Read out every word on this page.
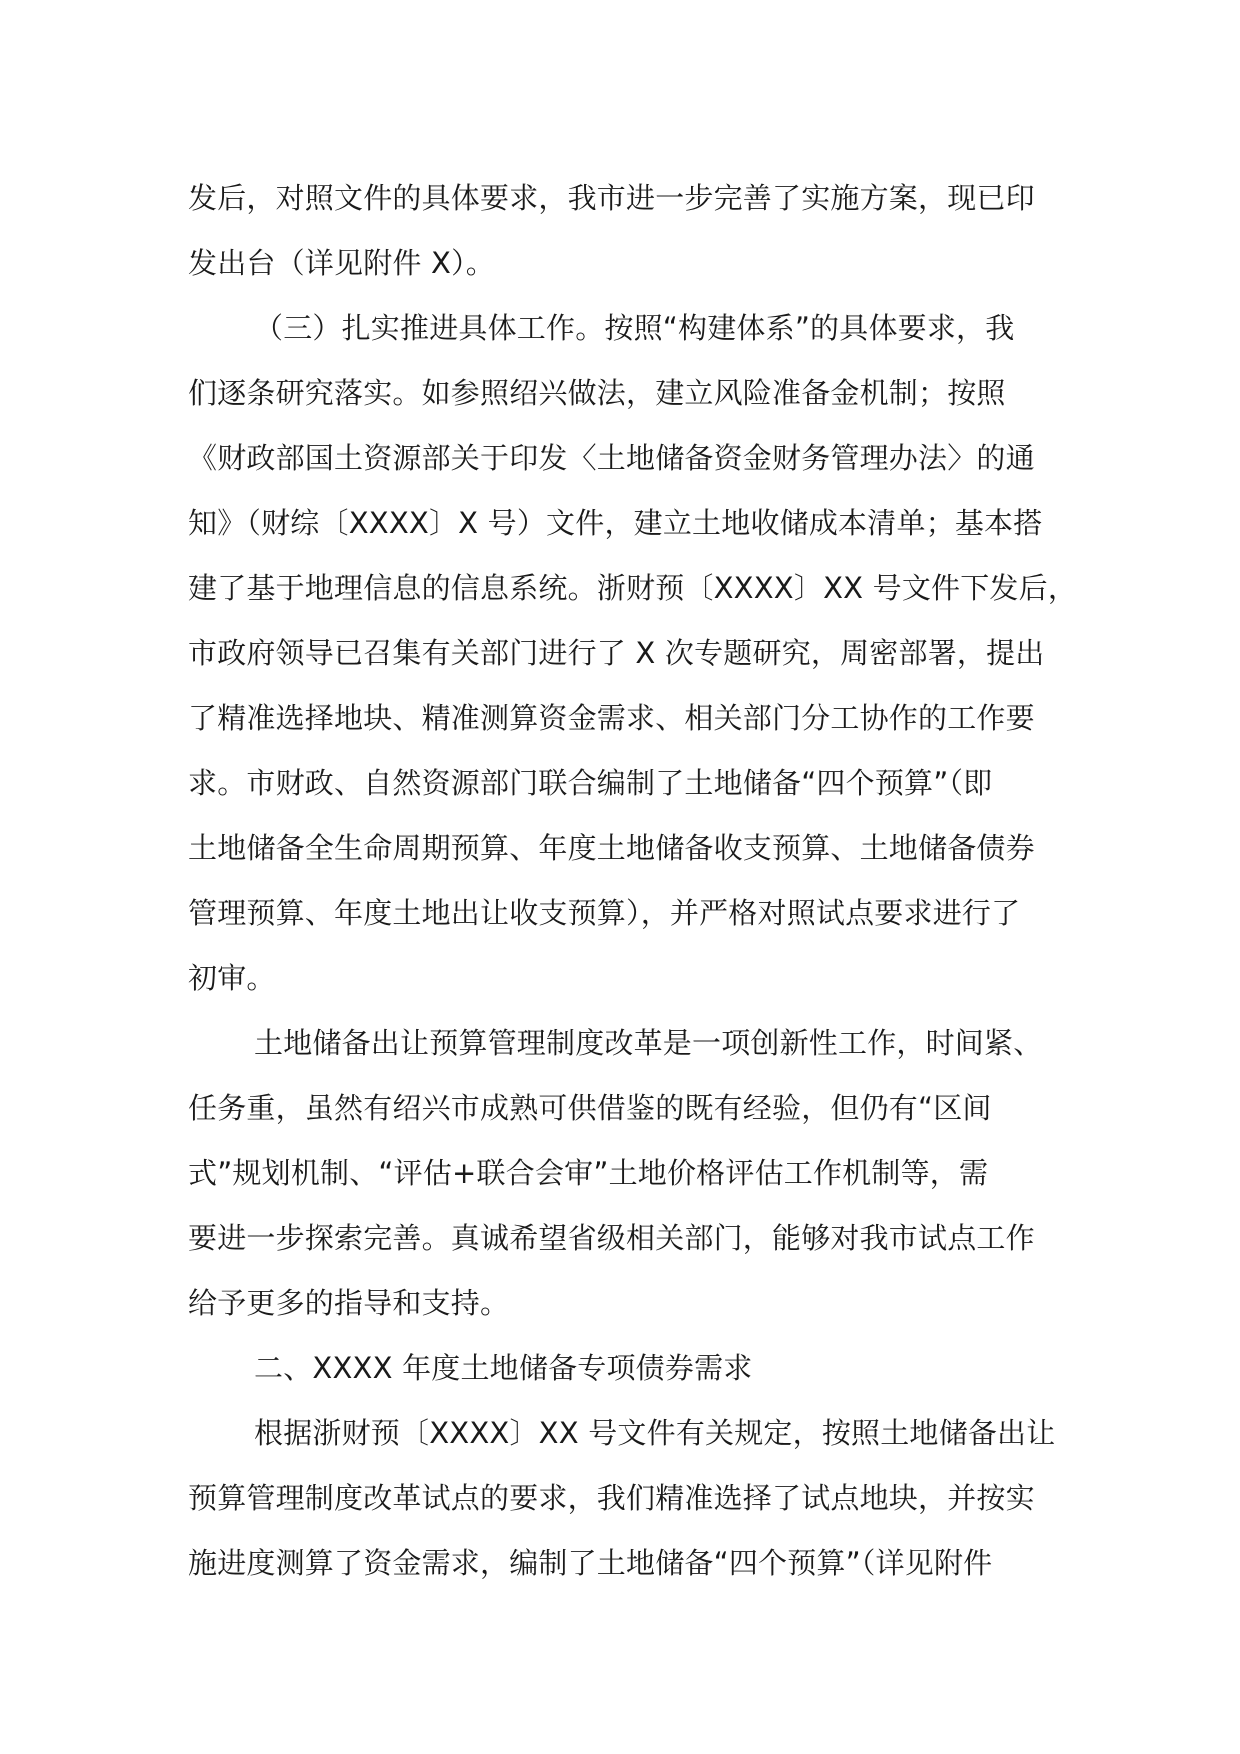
发后，对照文件的具体要求，我市进一步完善了实施方案，现已印
发出台（详见附件 X）。
（三）扎实推进具体工作。按照“构建体系”的具体要求，我
们逐条研究落实。如参照绍兴做法，建立风险准备金机制；按照
《财政部国土资源部关于印发〈土地储备资金财务管理办法〉的通
知》（财综〔XXXX〕X 号）文件，建立土地收储成本清单；基本搭
建了基于地理信息的信息系统。浙财预〔XXXX〕XX 号文件下发后，
市政府领导已召集有关部门进行了 X 次专题研究，周密部署，提出
了精准选择地块、精准测算资金需求、相关部门分工协作的工作要
求。市财政、自然资源部门联合编制了土地储备“四个预算”（即
土地储备全生命周期预算、年度土地储备收支预算、土地储备债券
管理预算、年度土地出让收支预算），并严格对照试点要求进行了
初审。
土地储备出让预算管理制度改革是一项创新性工作，时间紧、
任务重，虽然有绍兴市成熟可供借鉴的既有经验，但仍有“区间
式”规划机制、“评估+联合会审”土地价格评估工作机制等，需
要进一步探索完善。真诚希望省级相关部门，能够对我市试点工作
给予更多的指导和支持。
二、XXXX 年度土地储备专项债券需求
根据浙财预〔XXXX〕XX 号文件有关规定，按照土地储备出让
预算管理制度改革试点的要求，我们精准选择了试点地块，并按实
施进度测算了资金需求，编制了土地储备“四个预算”（详见附件
